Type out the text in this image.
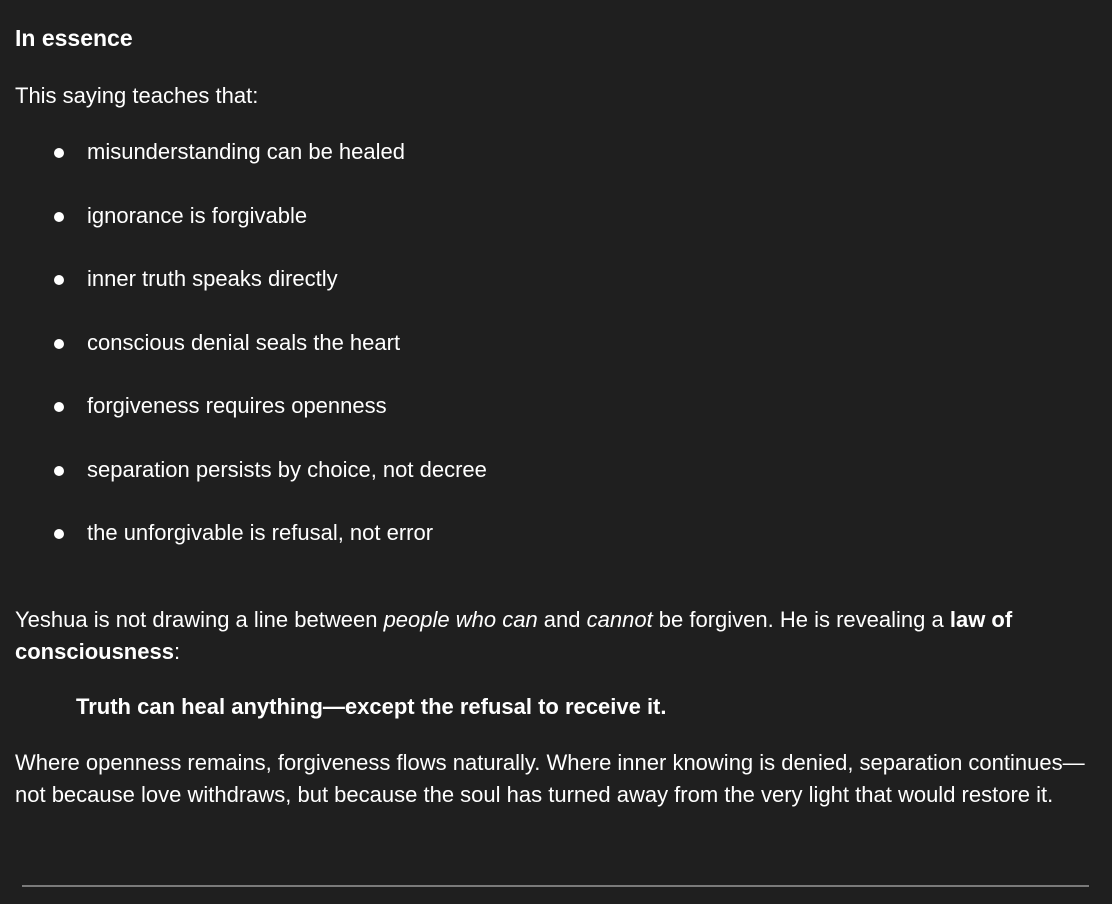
In essence

This saying teaches that:

misunderstanding can be healed
ignorance is forgivable
inner truth speaks directly
conscious denial seals the heart
forgiveness requires openness
separation persists by choice, not decree
the unforgivable is refusal, not error

Yeshua is not drawing a line between people who can and cannot be forgiven. He is revealing a law of consciousness:

Truth can heal anything—except the refusal to receive it.

Where openness remains, forgiveness flows naturally. Where inner knowing is denied, separation continues—not because love withdraws, but because the soul has turned away from the very light that would restore it.
